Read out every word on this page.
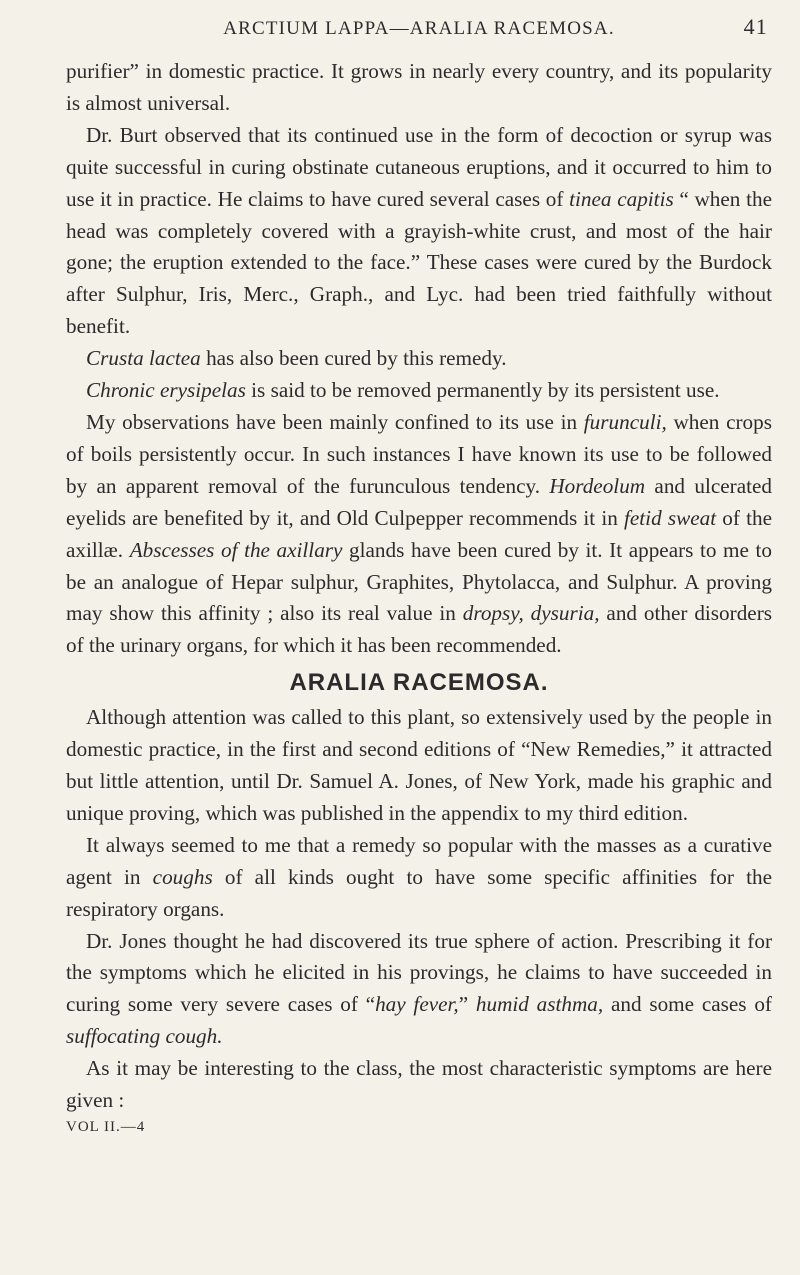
ARCTIUM LAPPA—ARALIA RACEMOSA.	41

purifier” in domestic practice. It grows in nearly every country, and its popularity is almost universal.

Dr. Burt observed that its continued use in the form of decoction or syrup was quite successful in curing obstinate cutaneous eruptions, and it occurred to him to use it in practice. He claims to have cured several cases of tinea capitis “ when the head was completely covered with a grayish-white crust, and most of the hair gone; the eruption extended to the face.” These cases were cured by the Burdock after Sulphur, Iris, Merc., Graph., and Lyc. had been tried faithfully without benefit.

Crusta lactea has also been cured by this remedy.

Chronic erysipelas is said to be removed permanently by its persistent use.

My observations have been mainly confined to its use in furunculi, when crops of boils persistently occur. In such instances I have known its use to be followed by an apparent removal of the furunculous tendency. Hordeolum and ulcerated eyelids are benefited by it, and Old Culpepper recommends it in fetid sweat of the axillæ. Abscesses of the axillary glands have been cured by it. It appears to me to be an analogue of Hepar sulphur, Graphites, Phytolacca, and Sulphur. A proving may show this affinity ; also its real value in dropsy, dysuria, and other disorders of the urinary organs, for which it has been recommended.

ARALIA RACEMOSA.

Although attention was called to this plant, so extensively used by the people in domestic practice, in the first and second editions of “New Remedies,” it attracted but little attention, until Dr. Samuel A. Jones, of New York, made his graphic and unique proving, which was published in the appendix to my third edition.

It always seemed to me that a remedy so popular with the masses as a curative agent in coughs of all kinds ought to have some specific affinities for the respiratory organs.

Dr. Jones thought he had discovered its true sphere of action. Prescribing it for the symptoms which he elicited in his provings, he claims to have succeeded in curing some very severe cases of “hay fever,” humid asthma, and some cases of suffocating cough.

As it may be interesting to the class, the most characteristic symptoms are here given :

VOL II.—4
